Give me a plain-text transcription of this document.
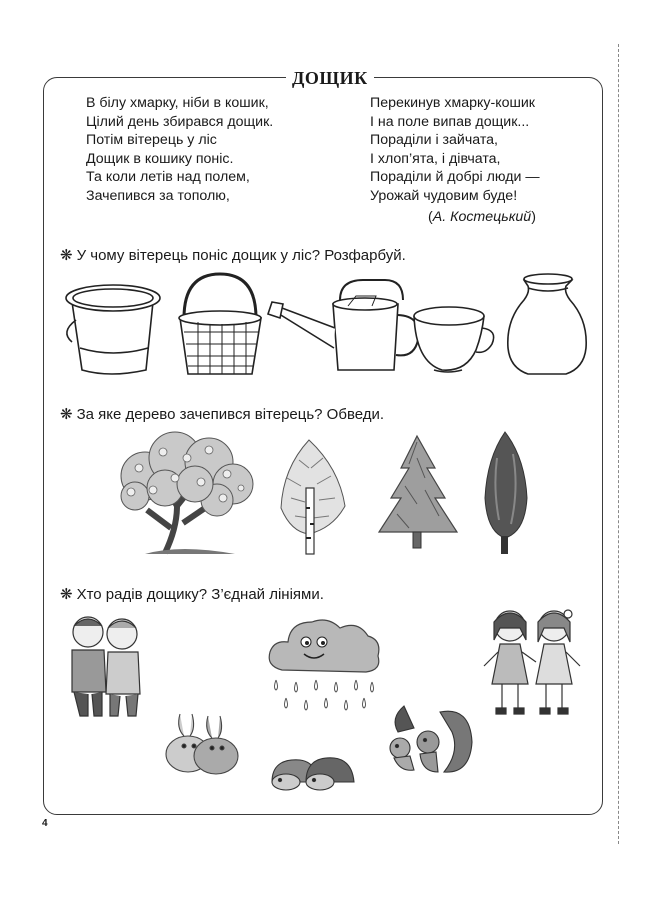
ДОЩИК
В білу хмарку, ніби в кошик,
Цілий день збирався дощик.
Потім вітерець у ліс
Дощик в кошику поніс.
Та коли летів над полем,
Зачепився за тополю,
Перекинув хмарку-кошик
І на поле випав дощик...
Пораділи і зайчата,
І хлоп’ята, і дівчата,
Пораділи й добрі люди —
Урожай чудовим буде!
(А. Костецький)
❋ У чому вітерець поніс дощик у ліс? Розфарбуй.
❋ За яке дерево зачепився вітерець? Обведи.
❋ Хто радів дощику? З’єднай лініями.
4
